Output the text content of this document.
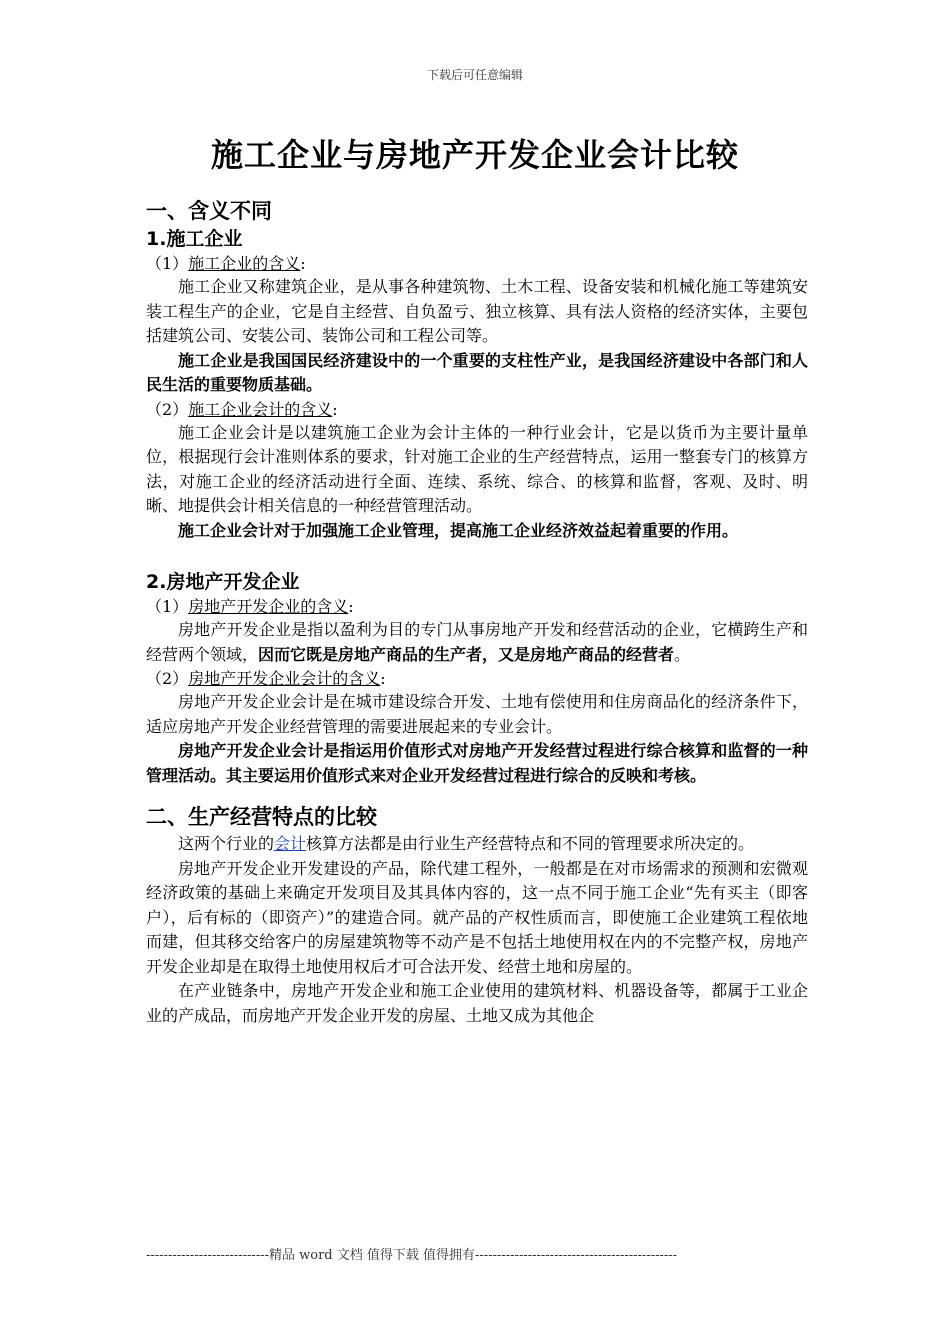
下载后可任意编辑
施工企业与房地产开发企业会计比较
一、含义不同
1.施工企业

（1）施工企业的含义:

施工企业又称建筑企业，是从事各种建筑物、土木工程、设备安装和机械化施工等建筑安装工程生产的企业，它是自主经营、自负盈亏、独立核算、具有法人资格的经济实体，主要包括建筑公司、安装公司、装饰公司和工程公司等。

施工企业是我国国民经济建设中的一个重要的支柱性产业，是我国经济建设中各部门和人民生活的重要物质基础。

（2）施工企业会计的含义:

施工企业会计是以建筑施工企业为会计主体的一种行业会计，它是以货币为主要计量单位，根据现行会计准则体系的要求，针对施工企业的生产经营特点，运用一整套专门的核算方法，对施工企业的经济活动进行全面、连续、系统、综合、的核算和监督，客观、及时、明晰、地提供会计相关信息的一种经营管理活动。

施工企业会计对于加强施工企业管理，提高施工企业经济效益起着重要的作用。

2.房地产开发企业

（1）房地产开发企业的含义:

房地产开发企业是指以盈利为目的专门从事房地产开发和经营活动的企业，它横跨生产和经营两个领域，因而它既是房地产商品的生产者，又是房地产商品的经营者。

（2）房地产开发企业会计的含义:

房地产开发企业会计是在城市建设综合开发、土地有偿使用和住房商品化的经济条件下，适应房地产开发企业经营管理的需要进展起来的专业会计。

房地产开发企业会计是指运用价值形式对房地产开发经营过程进行综合核算和监督的一种管理活动。其主要运用价值形式来对企业开发经营过程进行综合的反映和考核。

二、生产经营特点的比较

这两个行业的会计核算方法都是由行业生产经营特点和不同的管理要求所决定的。

房地产开发企业开发建设的产品，除代建工程外，一般都是在对市场需求的预测和宏微观经济政策的基础上来确定开发项目及其具体内容的，这一点不同于施工企业“先有买主（即客户），后有标的（即资产）”的建造合同。就产品的产权性质而言，即使施工企业建筑工程依地而建，但其移交给客户的房屋建筑物等不动产是不包括土地使用权在内的不完整产权，房地产开发企业却是在取得土地使用权后才可合法开发、经营土地和房屋的。

在产业链条中，房地产开发企业和施工企业使用的建筑材料、机器设备等，都属于工业企业的产成品，而房地产开发企业开发的房屋、土地又成为其他企

----------------------------精品 word 文档 值得下载 值得拥有----------------------------------------------
